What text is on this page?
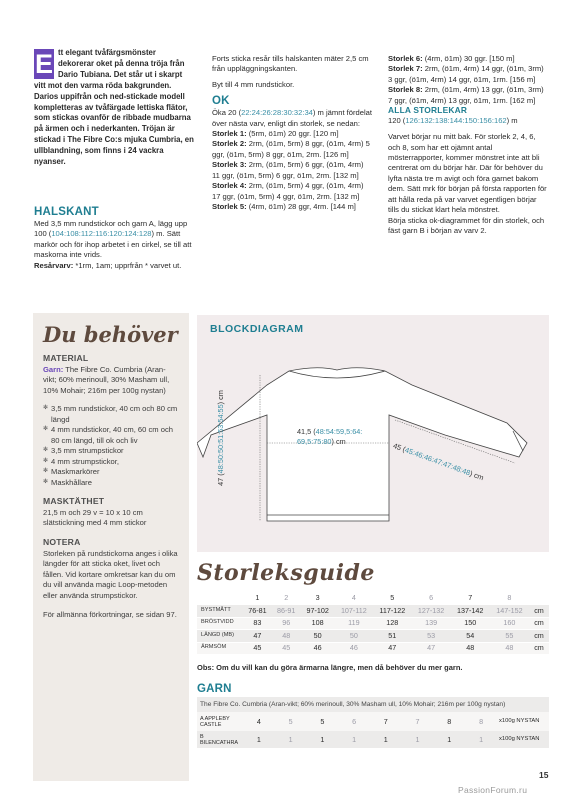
E tt elegant tvåfärgsmönster dekorerar oket på denna tröja från Dario Tubiana. Det står ut i skarpt vitt mot den varma röda bakgrunden. Darios uppifrån och ned-stickade modell kompletteras av tvåfärgade lettiska flätor, som stickas ovanför de ribbade mudbarna på ärmen och i nederkanten. Tröjan är stickad i The Fibre Co:s mjuka Cumbria, en ullblandning, som finns i 24 vackra nyanser.
HALSKANT

Med 3,5 mm rundstickor och garn A, lägg upp 100 (104:108:112:116:120:124:128) m. Sätt markör och för ihop arbetet i en cirkel, se till att maskorna inte vrids.
Resårvarv: *1rm, 1am; upprfrån * varvet ut.

Forts sticka resår tills halskanten mäter 2,5 cm från uppläggningskanten.

Byt till 4 mm rundstickor.

OK

Öka 20 (22:24:26:28:30:32:34) m jämnt fördelat över nästa varv, enligt din storlek, se nedan:

Storlek 1: (5rm, ö1m) 20 ggr. [120 m]

Storlek 2: 2rm, (ö1m, 5rm) 8 ggr, (ö1m, 4rm) 5 ggr, (ö1m, 5rm) 8 ggr, ö1m, 2rm. [126 m]

Storlek 3: 2rm, (ö1m, 5rm) 6 ggr, (ö1m, 4rm) 11 ggr, (ö1m, 5rm) 6 ggr, ö1m, 2rm. [132 m]

Storlek 4: 2rm, (ö1m, 5rm) 4 ggr, (ö1m, 4rm) 17 ggr, (ö1m, 5rm) 4 ggr, ö1m, 2rm. [132 m]

Storlek 5: (4rm, ö1m) 28 ggr, 4rm. [144 m]

Storlek 6: (4rm, ö1m) 30 ggr. [150 m]

Storlek 7: 2rm, (ö1m, 4rm) 14 ggr, (ö1m, 3rm) 3 ggr, (ö1m, 4rm) 14 ggr, ö1m, 1rm. [156 m]

Storlek 8: 2rm, (ö1m, 4rm) 13 ggr, (ö1m, 3rm) 7 ggr, (ö1m, 4rm) 13 ggr, ö1m, 1rm. [162 m]

ALLA STORLEKAR

120 (126:132:138:144:150:156:162) m

Varvet börjar nu mitt bak. För storlek 2, 4, 6, och 8, som har ett ojämnt antal mösterrapporter, kommer mönstret inte att bli centrerat om du börjar här. Där för behöver du lyfta nästa tre m avigt och föra garnet bakom dem. Sätt mrk för början på första rapporten för att hålla reda på var varvet egentligen börjar tills du stickat klart hela mönstret.

Börja sticka ok-diagrammet för din storlek, och fäst garn B i början av varv 2.

Du behöver
MATERIAL

Garn: The Fibre Co. Cumbria (Aran-vikt; 60% merinoull, 30% Masham ull, 10% Mohair; 216m per 100g nystan)

✻ 3,5 mm rundstickor, 40 cm och 80 cm längd
✻ 4 mm rundstickor, 40 cm, 60 cm och 80 cm längd, till ok och liv
✻ 3,5 mm strumpstickor
✻ 4 mm strumpstickor,
✻ Maskmarkörer
✻ Maskhållare
MASKTÄTHET

21,5 m och 29 v = 10 x 10 cm slätstickning med 4 mm stickor

NOTERA

Storleken på rundstickorna anges i olika längder för att sticka oket, livet och fållen. Vid kortare omkretsar kan du om du vill använda magic Loop-metoden eller använda strumpstickor.

För allmänna förkortningar, se sidan 97.

BLOCKDIAGRAM
41,5 (48:54:59,5:64:
69,5:75:80) cm
47 (48:50:50:51:53:54:55) cm
45 (45:46:46:47:47:48:48) cm
Storleksguide
	1	2	3	4	5	6	7	8	
BYSTMÅTT	76-81	86-91	97-102	107-112	117-122	127-132	137-142	147-152	cm
BRÖSTVIDD	83	96	108	119	128	139	150	160	cm
LÄNGD (MB)	47	48	50	50	51	53	54	55	cm
ÄRMSÖM	45	45	46	46	47	47	48	48	cm
Obs: Om du vill kan du göra ärmarna längre, men då behöver du mer garn.
GARN
The Fibre Co. Cumbria (Aran-vikt; 60% merinoull, 30% Masham ull, 10% Mohair; 216m per 100g nystan)									
A APPLEBY CASTLE	4	5	5	6	7	7	8	8	x100g NYSTAN
B BILENCATHRA	1	1	1	1	1	1	1	1	x100g NYSTAN
15
PassionForum.ru
